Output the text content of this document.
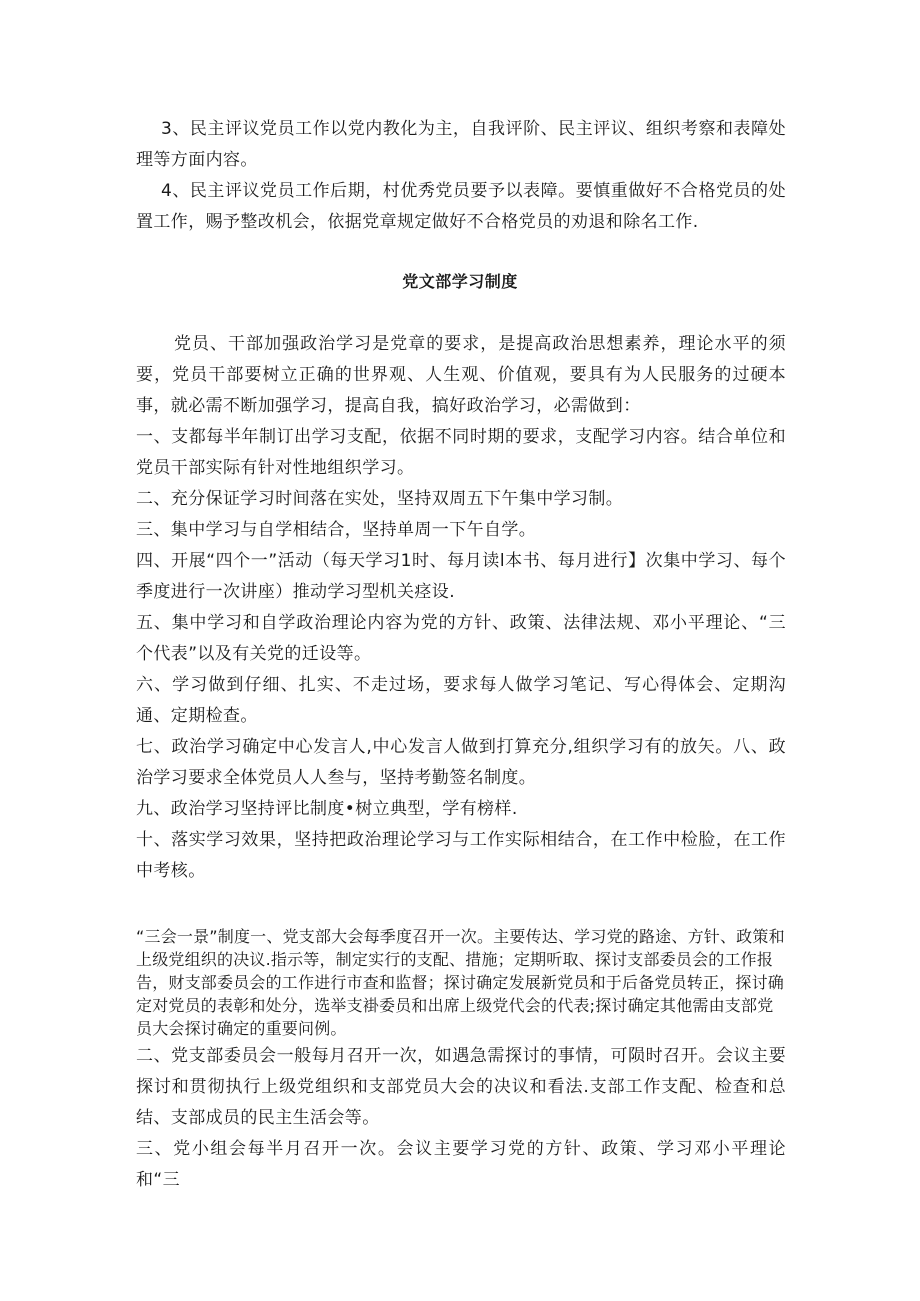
3、民主评议党员工作以党内教化为主，自我评阶、民主评议、组织考察和表障处理等方面内容。

4、民主评议党员工作后期，村优秀党员要予以表障。要慎重做好不合格党员的处置工作，赐予整改机会，依据党章规定做好不合格党员的劝退和除名工作.

党文部学习制度

党员、干部加强政治学习是党章的要求，是提高政治思想素养，理论水平的须要，党员干部要树立正确的世界观、人生观、价值观，要具有为人民服务的过硬本事，就必需不断加强学习，提高自我，搞好政治学习，必需做到：

一、支都每半年制订出学习支配，依据不同时期的要求，支配学习内容。结合单位和党员干部实际有针对性地组织学习。

二、充分保证学习时间落在实处，坚持双周五下午集中学习制。

三、集中学习与自学相结合，坚持单周一下午自学。

四、开展“四个一”活动（每天学习1时、每月读l本书、每月进行】次集中学习、每个季度进行一次讲座）推动学习型机关痉设.

五、集中学习和自学政治理论内容为党的方针、政策、法律法规、邓小平理论、“三个代表”以及有关党的迁设等。

六、学习做到仔细、扎实、不走过场，要求每人做学习笔记、写心得体会、定期沟通、定期检查。

七、政治学习确定中心发言人,中心发言人做到打算充分,组织学习有的放矢。八、政治学习要求全体党员人人叁与，坚持考勤签名制度。

九、政治学习坚持评比制度•树立典型，学有榜样.

十、落实学习效果，坚持把政治理论学习与工作实际相结合，在工作中检脸，在工作中考核。

“三会一景”制度一、党支部大会每季度召开一次。主要传达、学习党的路途、方针、政策和上级党组织的决议.指示等，制定实行的支配、措施；定期听取、探讨支部委员会的工作报告，财支部委员会的工作进行市查和监督；探讨确定发展新党员和于后备党员转正，探讨确定对党员的表彰和处分，选举支褂委员和出席上级党代会的代表;探讨确定其他需由支部党员大会探讨确定的重要问例。

二、党支部委员会一般每月召开一次，如遇急需探讨的事情，可陨时召开。会议主要探讨和贯彻执行上级党组织和支部党员大会的决议和看法.支部工作支配、检查和总结、支部成员的民主生活会等。

三、党小组会每半月召开一次。会议主要学习党的方针、政策、学习邓小平理论和“三
